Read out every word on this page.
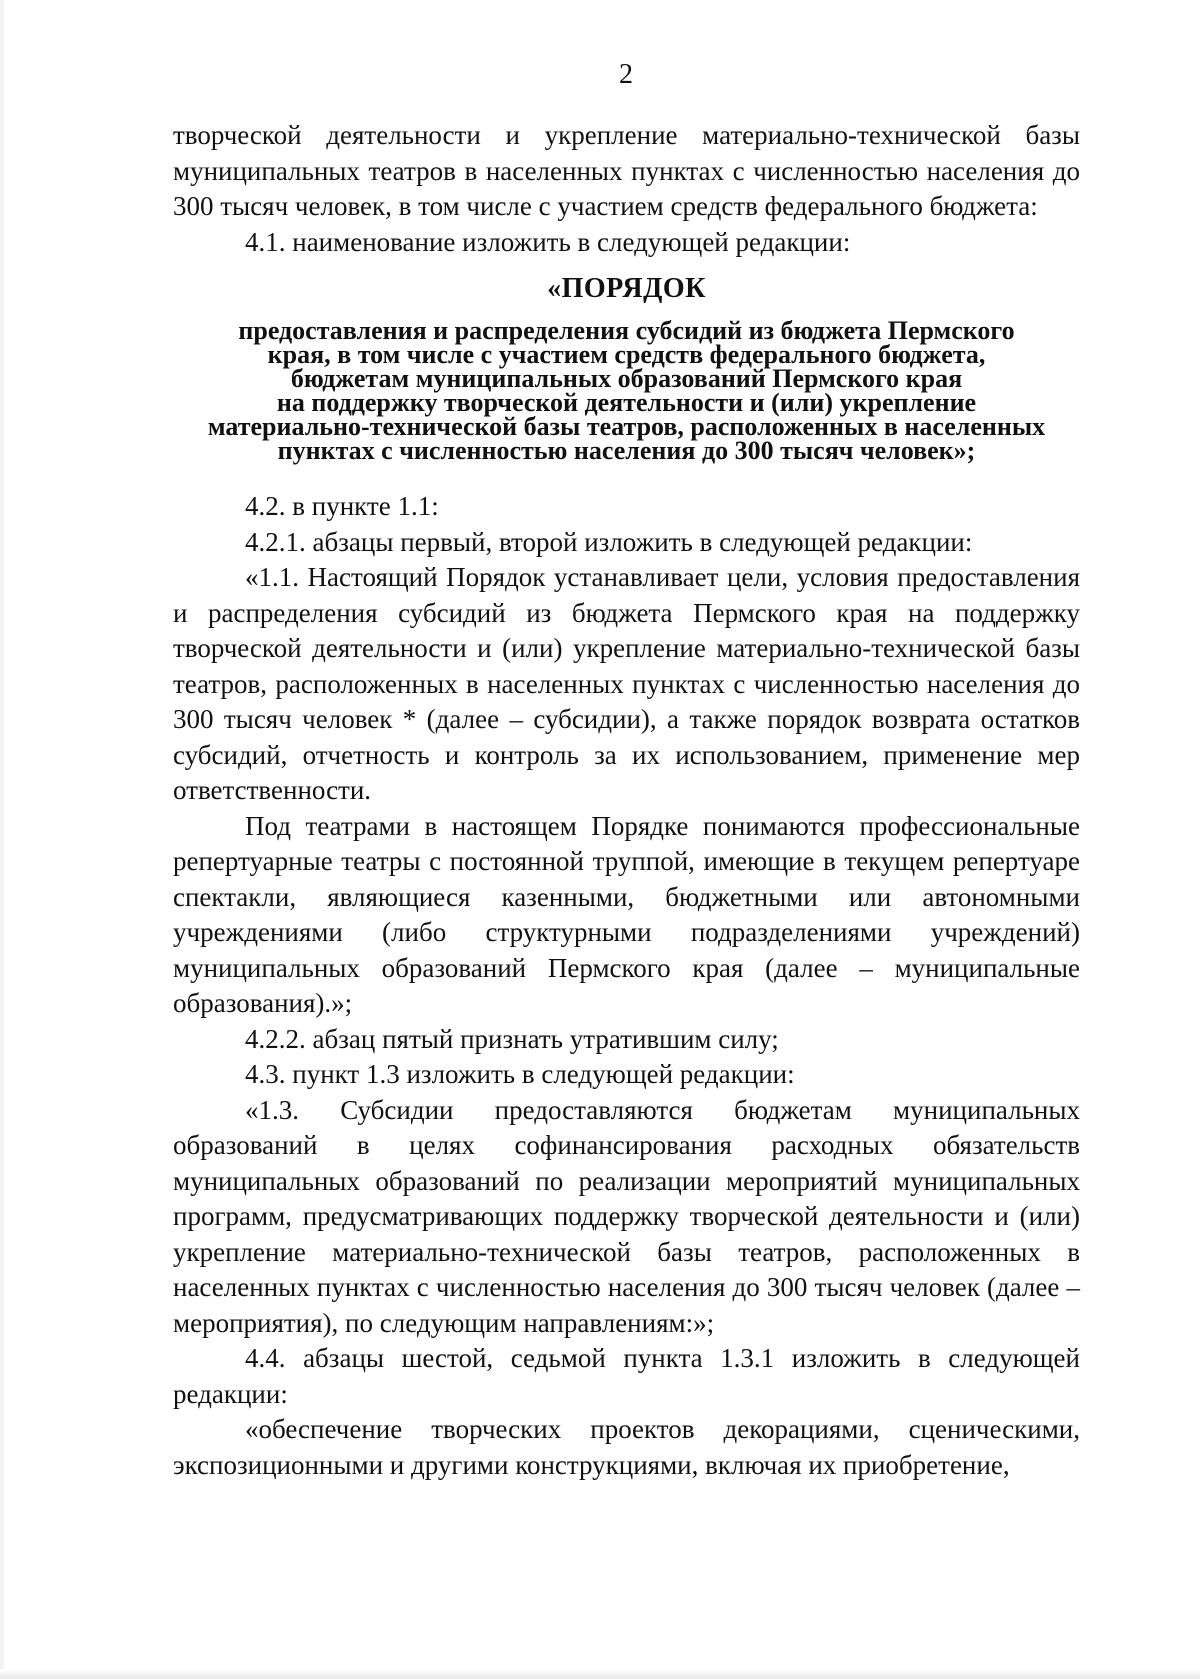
2

творческой деятельности и укрепление материально-технической базы муниципальных театров в населенных пунктах с численностью населения до 300 тысяч человек, в том числе с участием средств федерального бюджета:

4.1. наименование изложить в следующей редакции:

«ПОРЯДОК

предоставления и распределения субсидий из бюджета Пермского
края, в том числе с участием средств федерального бюджета,
бюджетам муниципальных образований Пермского края
на поддержку творческой деятельности и (или) укрепление
материально-технической базы театров, расположенных в населенных
пунктах с численностью населения до 300 тысяч человек»;

4.2. в пункте 1.1:

4.2.1. абзацы первый, второй изложить в следующей редакции:

«1.1. Настоящий Порядок устанавливает цели, условия предоставления и распределения субсидий из бюджета Пермского края на поддержку творческой деятельности и (или) укрепление материально-технической базы театров, расположенных в населенных пунктах с численностью населения до 300 тысяч человек * (далее – субсидии), а также порядок возврата остатков субсидий, отчетность и контроль за их использованием, применение мер ответственности.

Под театрами в настоящем Порядке понимаются профессиональные репертуарные театры с постоянной труппой, имеющие в текущем репертуаре спектакли, являющиеся казенными, бюджетными или автономными учреждениями (либо структурными подразделениями учреждений) муниципальных образований Пермского края (далее – муниципальные образования).»;

4.2.2. абзац пятый признать утратившим силу;

4.3. пункт 1.3 изложить в следующей редакции:

«1.3. Субсидии предоставляются бюджетам муниципальных образований в целях софинансирования расходных обязательств муниципальных образований по реализации мероприятий муниципальных программ, предусматривающих поддержку творческой деятельности и (или) укрепление материально-технической базы театров, расположенных в населенных пунктах с численностью населения до 300 тысяч человек (далее – мероприятия), по следующим направлениям:»;

4.4. абзацы шестой, седьмой пункта 1.3.1 изложить в следующей редакции:

«обеспечение творческих проектов декорациями, сценическими, экспозиционными и другими конструкциями, включая их приобретение,
